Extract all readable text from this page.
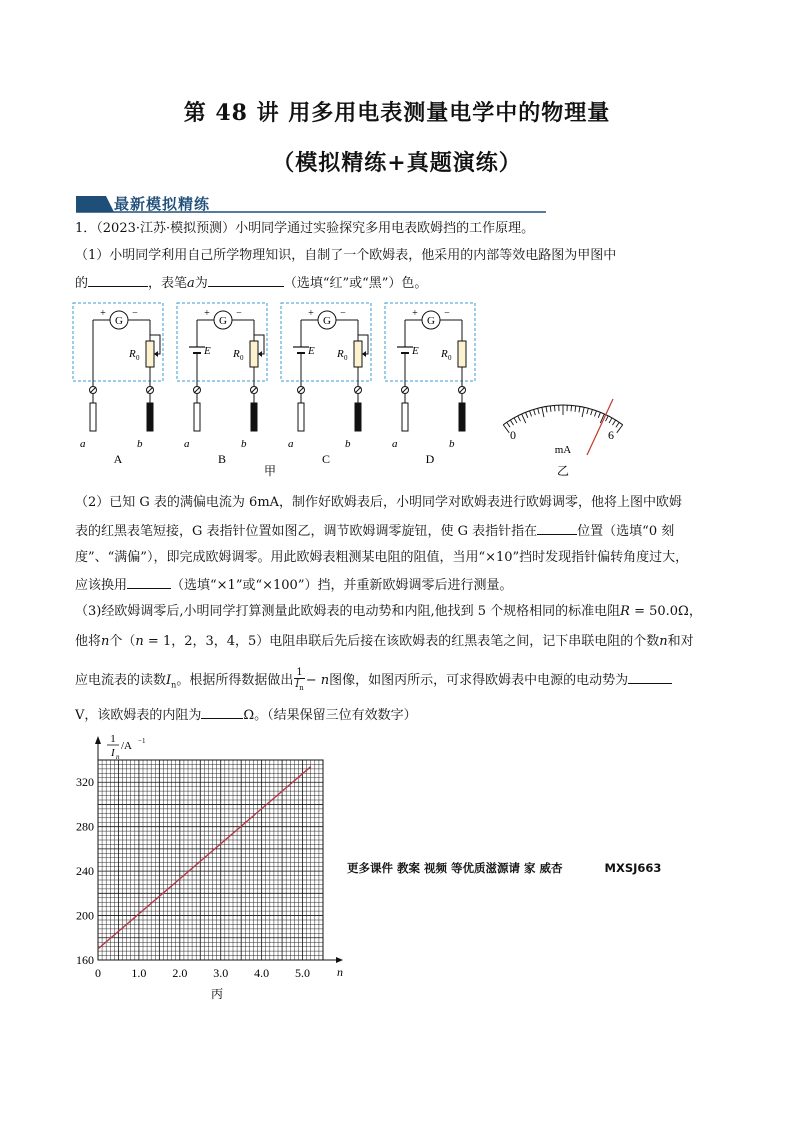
第 48 讲 用多用电表测量电学中的物理量
（模拟精练+真题演练）
最新模拟精练
1．（2023·江苏·模拟预测）小明同学通过实验探究多用电表欧姆挡的工作原理。
（1）小明同学利用自己所学物理知识，自制了一个欧姆表，他采用的内部等效电路图为甲图中
的	，表笔a为	（选填“红”或“黑”）色。
G
+	−
R 0
a	b
A
G
+	−
E R 0
a	b
B
G
+	−
E R 0
a	b
C
G
+	−
E R 0
a	b
D
甲
0	6
mA
乙
（2）已知 G 表的满偏电流为 6mA，制作好欧姆表后，小明同学对欧姆表进行欧姆调零，他将上图中欧姆
表的红黑表笔短接，G 表指针位置如图乙，调节欧姆调零旋钮，使 G 表指针指在	位置（选填“0 刻
度”、“满偏”），即完成欧姆调零。用此欧姆表粗测某电阻的阻值，当用“×10”挡时发现指针偏转角度过大，
应该换用	（选填“×1”或“×100”）挡，并重新欧姆调零后进行测量。
（3)经欧姆调零后,小明同学打算测量此欧姆表的电动势和内阻,他找到 5 个规格相同的标准电阻R = 50.0Ω，
他将n个（n = 1，2，3，4，5）电阻串联后先后接在该欧姆表的红黑表笔之间，记下串联电阻的个数n和对
应电流表的读数$I_n$。根据所得数据做出 $\frac{1}{I_n} - n$图像，如图丙所示，可求得欧姆表中电源的电动势为
V，该欧姆表的内阻为	Ω。（结果保留三位有效数字）
0	1.0 2.0 3.0 4.0 5.0
160
200
240
280
320
1
I n
/A −1
n
丙
更多课件 教案 视频 等优质滋源请 家 威杏	MXSJ663
